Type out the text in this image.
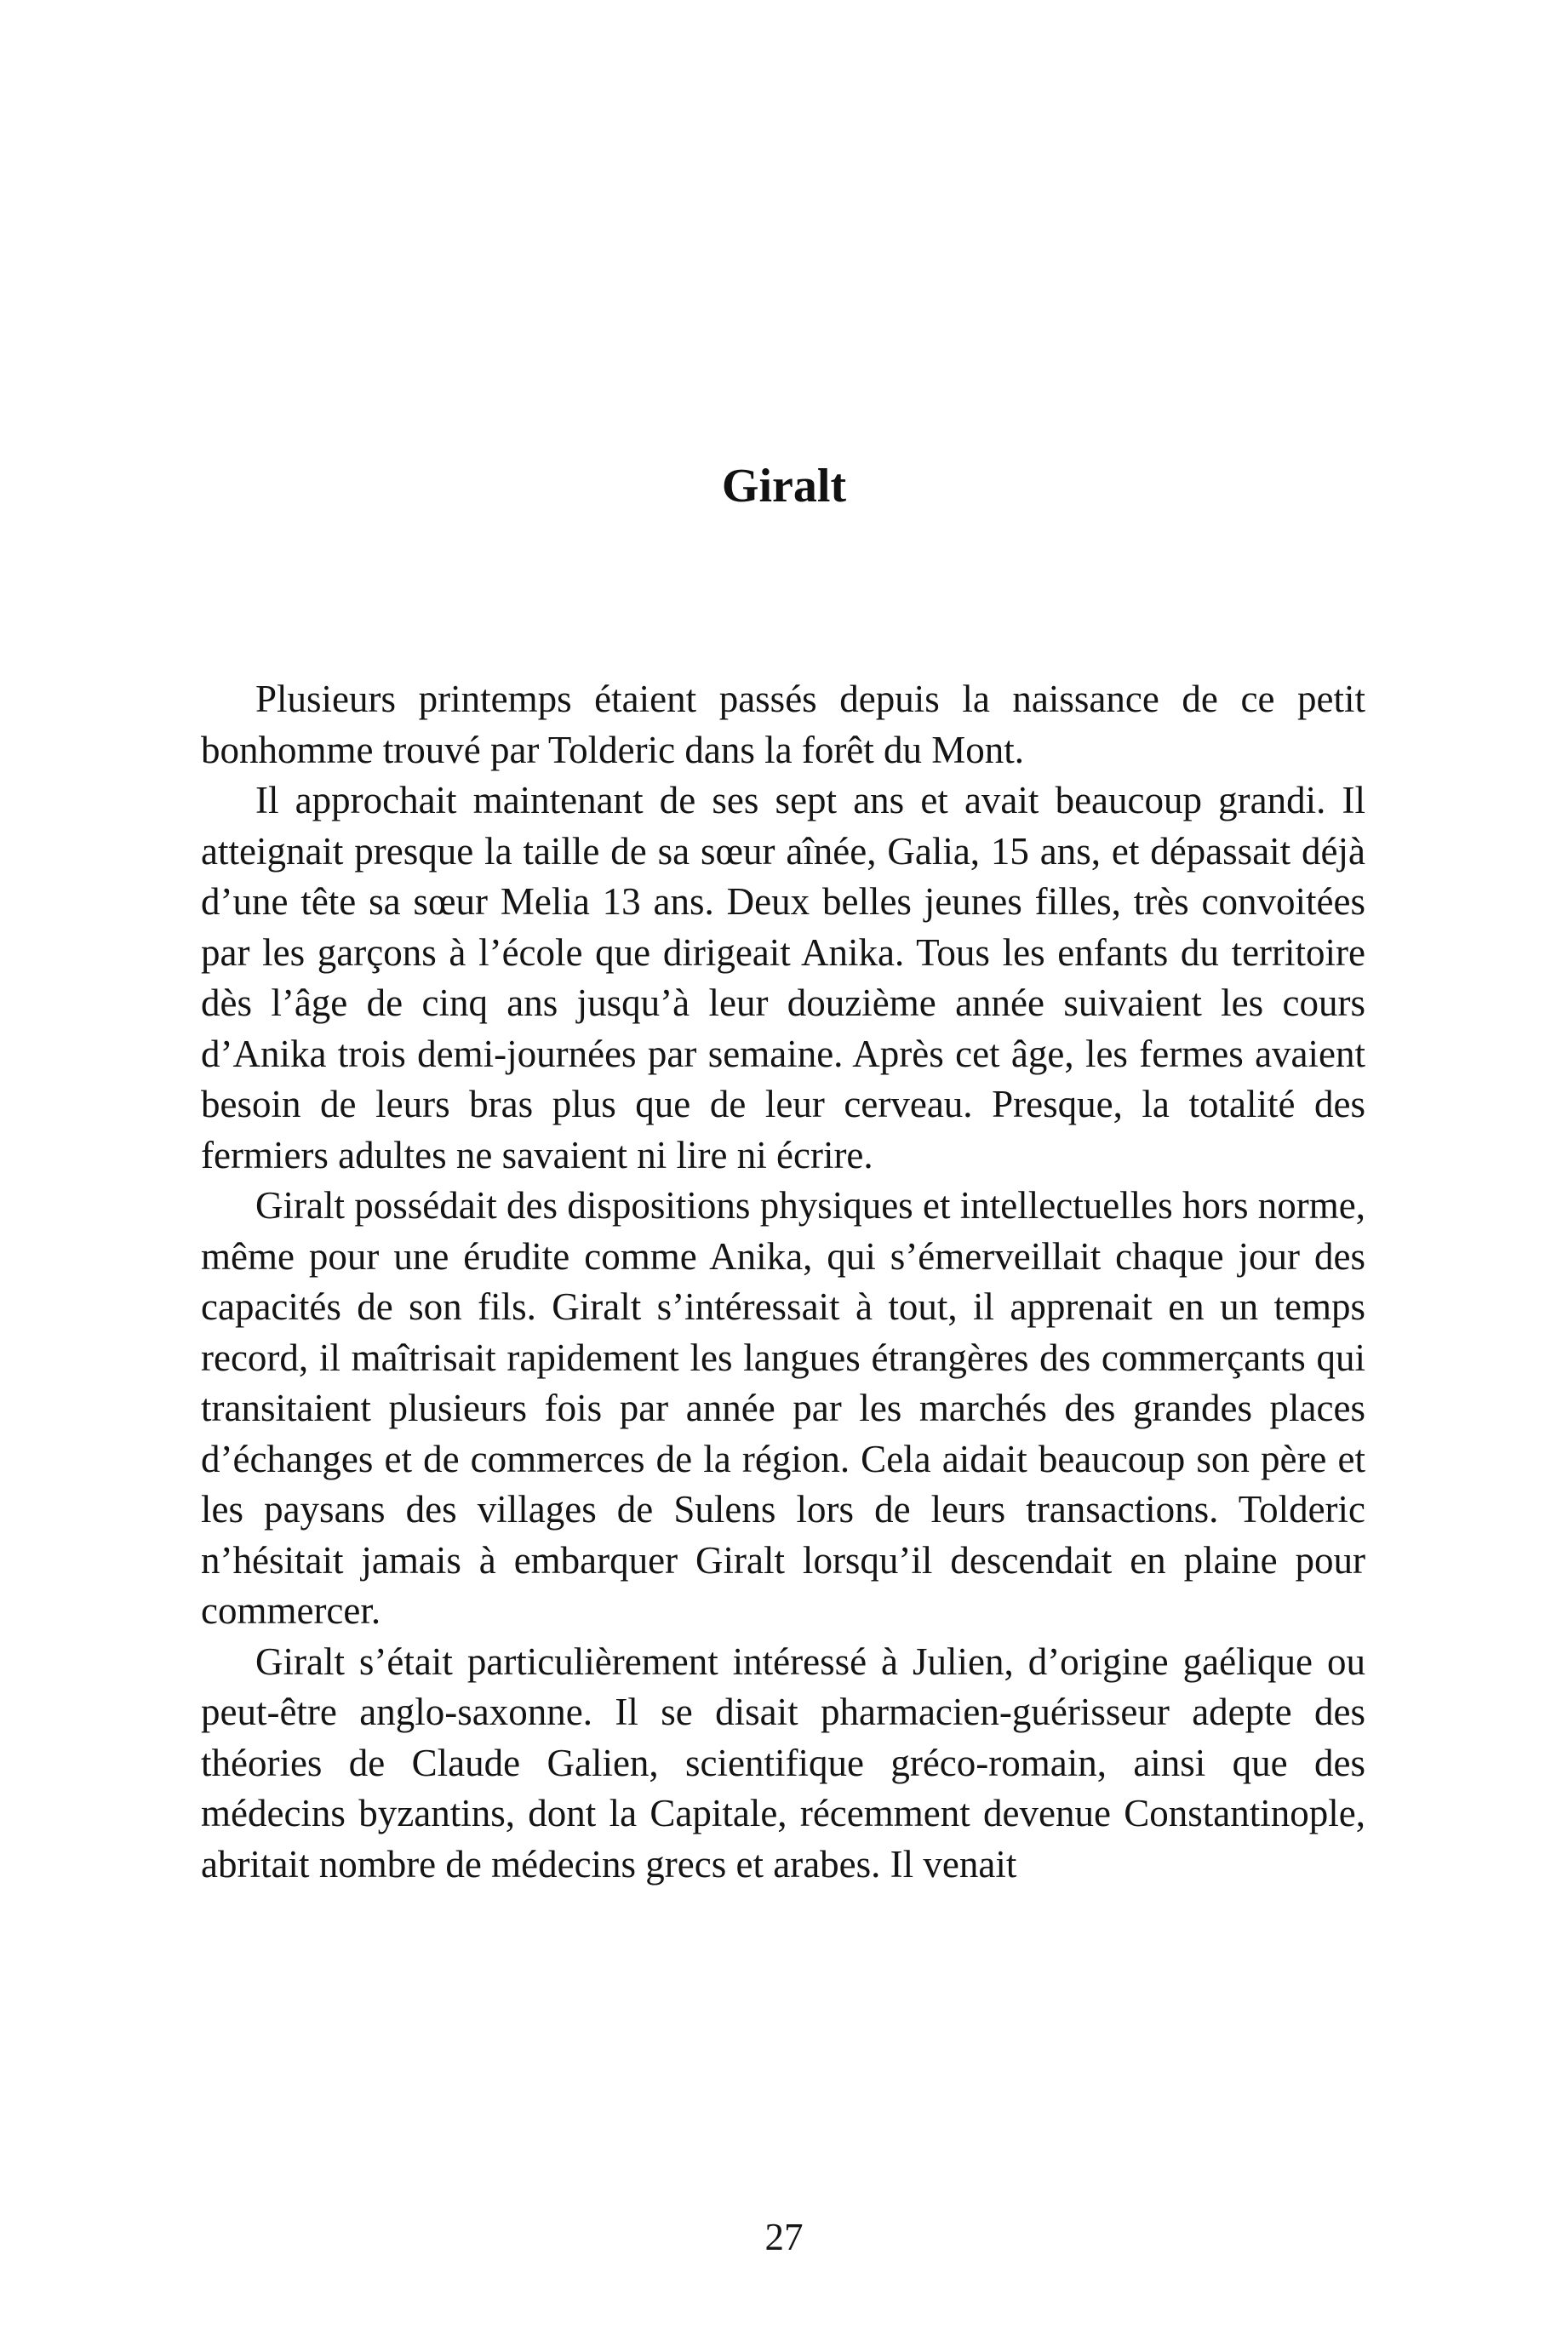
Giralt

Plusieurs printemps étaient passés depuis la naissance de ce petit bonhomme trouvé par Tolderic dans la forêt du Mont.

Il approchait maintenant de ses sept ans et avait beaucoup grandi. Il atteignait presque la taille de sa sœur aînée, Galia, 15 ans, et dépassait déjà d’une tête sa sœur Melia 13 ans. Deux belles jeunes filles, très convoitées par les garçons à l’école que dirigeait Anika. Tous les enfants du territoire dès l’âge de cinq ans jusqu’à leur douzième année suivaient les cours d’Anika trois demi-journées par semaine. Après cet âge, les fermes avaient besoin de leurs bras plus que de leur cerveau. Presque, la totalité des fermiers adultes ne savaient ni lire ni écrire.

Giralt possédait des dispositions physiques et intellectuelles hors norme, même pour une érudite comme Anika, qui s’émerveillait chaque jour des capacités de son fils. Giralt s’intéressait à tout, il apprenait en un temps record, il maîtrisait rapidement les langues étrangères des commerçants qui transitaient plusieurs fois par année par les marchés des grandes places d’échanges et de commerces de la région. Cela aidait beaucoup son père et les paysans des villages de Sulens lors de leurs transactions. Tolderic n’hésitait jamais à embarquer Giralt lorsqu’il descendait en plaine pour commercer.

Giralt s’était particulièrement intéressé à Julien, d’origine gaélique ou peut-être anglo-saxonne. Il se disait pharmacien-guérisseur adepte des théories de Claude Galien, scientifique gréco-romain, ainsi que des médecins byzantins, dont la Capitale, récemment devenue Constantinople, abritait nombre de médecins grecs et arabes. Il venait

27
